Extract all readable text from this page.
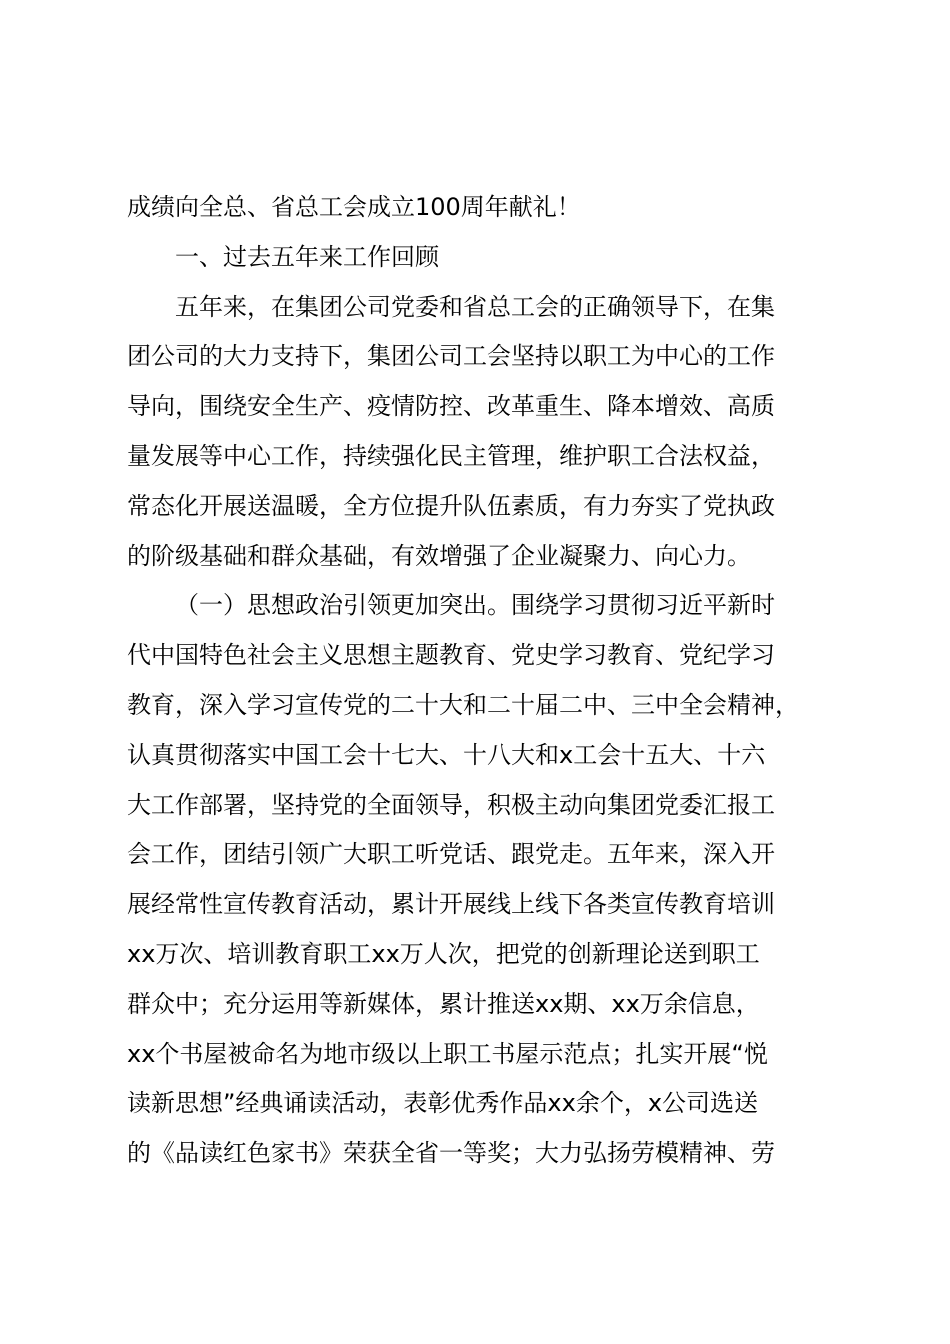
成绩向全总、省总工会成立100周年献礼！
一、过去五年来工作回顾
五年来，在集团公司党委和省总工会的正确领导下，在集
团公司的大力支持下，集团公司工会坚持以职工为中心的工作
导向，围绕安全生产、疫情防控、改革重生、降本增效、高质
量发展等中心工作，持续强化民主管理，维护职工合法权益，
常态化开展送温暖，全方位提升队伍素质，有力夯实了党执政
的阶级基础和群众基础，有效增强了企业凝聚力、向心力。
（一）思想政治引领更加突出。围绕学习贯彻习近平新时
代中国特色社会主义思想主题教育、党史学习教育、党纪学习
教育，深入学习宣传党的二十大和二十届二中、三中全会精神，
认真贯彻落实中国工会十七大、十八大和x工会十五大、十六
大工作部署，坚持党的全面领导，积极主动向集团党委汇报工
会工作，团结引领广大职工听党话、跟党走。五年来，深入开
展经常性宣传教育活动，累计开展线上线下各类宣传教育培训
xx万次、培训教育职工xx万人次，把党的创新理论送到职工
群众中；充分运用等新媒体，累计推送xx期、xx万余信息，
xx个书屋被命名为地市级以上职工书屋示范点；扎实开展“悦
读新思想”经典诵读活动，表彰优秀作品xx余个，x公司选送
的《品读红色家书》荣获全省一等奖；大力弘扬劳模精神、劳
